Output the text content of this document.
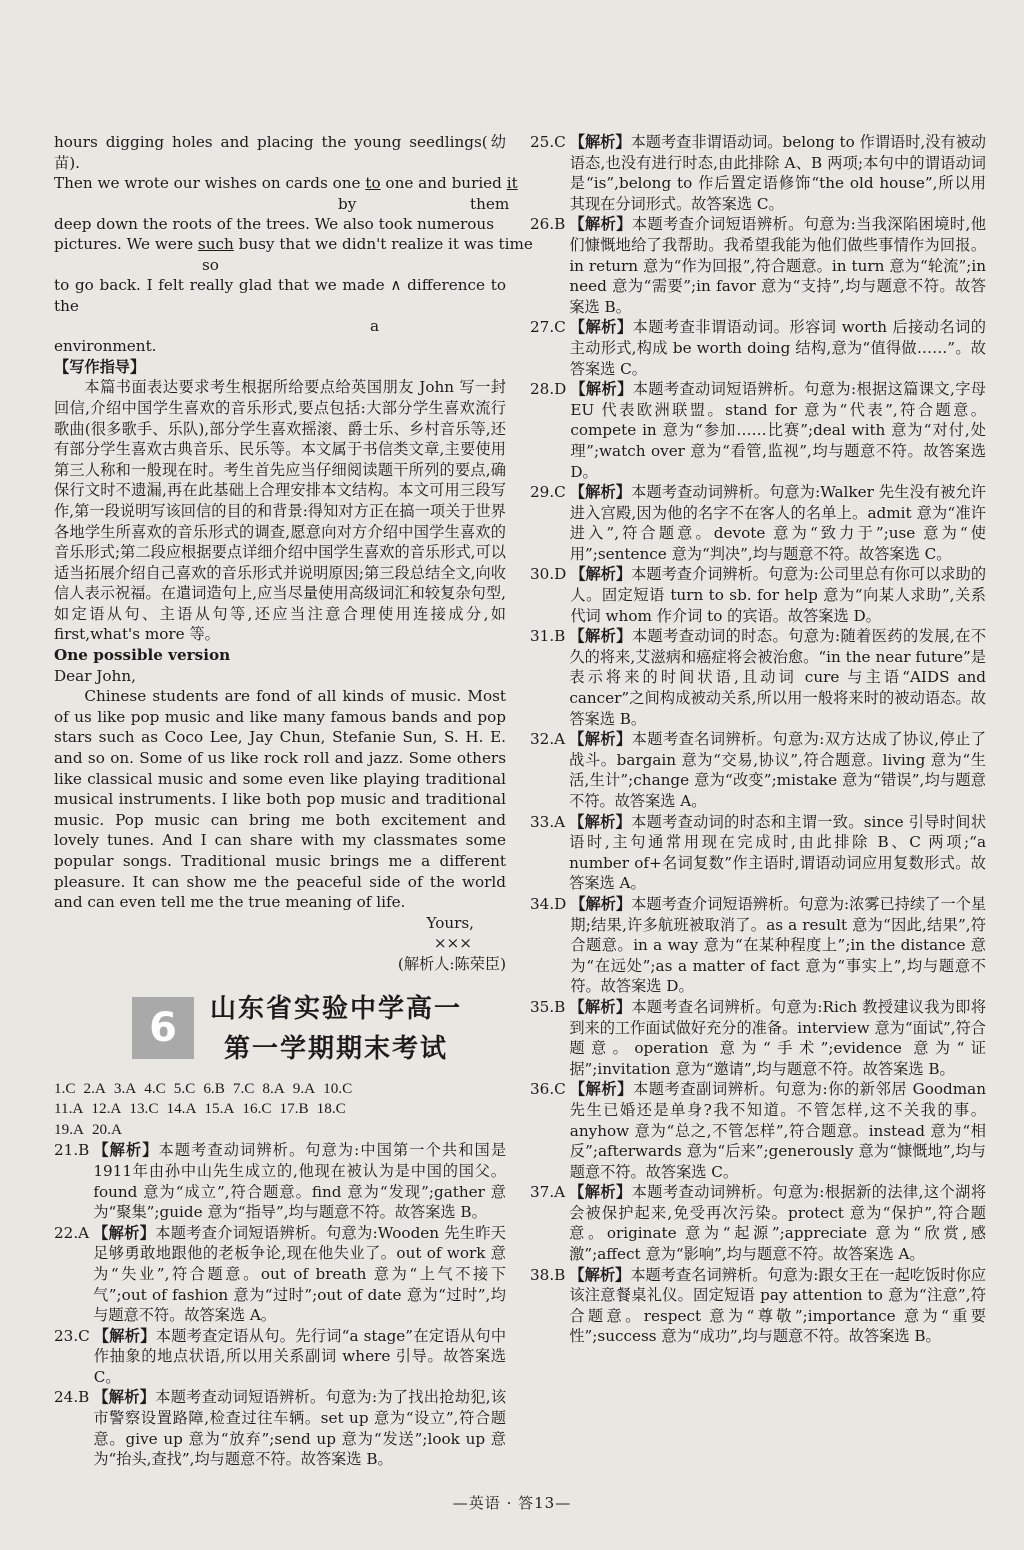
hours digging holes and placing the young seedlings(幼苗).

Then we wrote our wishes on cards one to one and buried it

by	them

deep down the roots of the trees. We also took numerous

pictures. We were such busy that we didn't realize it was time

so

to go back. I felt really glad that we made ∧ difference to the

a

environment.

【写作指导】

本篇书面表达要求考生根据所给要点给英国朋友 John 写一封回信,介绍中国学生喜欢的音乐形式,要点包括:大部分学生喜欢流行歌曲(很多歌手、乐队),部分学生喜欢摇滚、爵士乐、乡村音乐等,还有部分学生喜欢古典音乐、民乐等。本文属于书信类文章,主要使用第三人称和一般现在时。考生首先应当仔细阅读题干所列的要点,确保行文时不遗漏,再在此基础上合理安排本文结构。本文可用三段写作,第一段说明写该回信的目的和背景:得知对方正在搞一项关于世界各地学生所喜欢的音乐形式的调查,愿意向对方介绍中国学生喜欢的音乐形式;第二段应根据要点详细介绍中国学生喜欢的音乐形式,可以适当拓展介绍自己喜欢的音乐形式并说明原因;第三段总结全文,向收信人表示祝福。在遣词造句上,应当尽量使用高级词汇和较复杂句型,如定语从句、主语从句等,还应当注意合理使用连接成分,如 first,what's more 等。

One possible version

Dear John,

Chinese students are fond of all kinds of music. Most of us like pop music and like many famous bands and pop stars such as Coco Lee, Jay Chun, Stefanie Sun, S. H. E. and so on. Some of us like rock roll and jazz. Some others like classical music and some even like playing traditional musical instruments. I like both pop music and traditional music. Pop music can bring me both excitement and lovely tunes. And I can share with my classmates some popular songs. Traditional music brings me a different pleasure. It can show me the peaceful side of the world and can even tell me the true meaning of life.

Yours,

×××

(解析人:陈荣臣)

6	山东省实验中学高一
第一学期期末考试
1.C 2.A 3.A 4.C 5.C 6.B 7.C 8.A 9.A 10.C
11.A 12.A 13.C 14.A 15.A 16.C 17.B 18.C
19.A 20.A
21.B 【解析】本题考查动词辨析。句意为:中国第一个共和国是1911年由孙中山先生成立的,他现在被认为是中国的国父。found 意为“成立”,符合题意。find 意为“发现”;gather 意为“聚集”;guide 意为“指导”,均与题意不符。故答案选 B。
22.A 【解析】本题考查介词短语辨析。句意为:Wooden 先生昨天足够勇敢地跟他的老板争论,现在他失业了。out of work 意为“失业”,符合题意。out of breath 意为“上气不接下气”;out of fashion 意为“过时”;out of date 意为“过时”,均与题意不符。故答案选 A。
23.C 【解析】本题考查定语从句。先行词“a stage”在定语从句中作抽象的地点状语,所以用关系副词 where 引导。故答案选 C。
24.B 【解析】本题考查动词短语辨析。句意为:为了找出抢劫犯,该市警察设置路障,检查过往车辆。set up 意为“设立”,符合题意。give up 意为“放弃”;send up 意为“发送”;look up 意为“抬头,查找”,均与题意不符。故答案选 B。
25.C 【解析】本题考查非谓语动词。belong to 作谓语时,没有被动语态,也没有进行时态,由此排除 A、B 两项;本句中的谓语动词是“is”,belong to 作后置定语修饰“the old house”,所以用其现在分词形式。故答案选 C。
26.B 【解析】本题考查介词短语辨析。句意为:当我深陷困境时,他们慷慨地给了我帮助。我希望我能为他们做些事情作为回报。in return 意为“作为回报”,符合题意。in turn 意为“轮流”;in need 意为“需要”;in favor 意为“支持”,均与题意不符。故答案选 B。
27.C 【解析】本题考查非谓语动词。形容词 worth 后接动名词的主动形式,构成 be worth doing 结构,意为“值得做……”。故答案选 C。
28.D 【解析】本题考查动词短语辨析。句意为:根据这篇课文,字母 EU 代表欧洲联盟。stand for 意为“代表”,符合题意。compete in 意为“参加……比赛”;deal with 意为“对付,处理”;watch over 意为“看管,监视”,均与题意不符。故答案选 D。
29.C 【解析】本题考查动词辨析。句意为:Walker 先生没有被允许进入宫殿,因为他的名字不在客人的名单上。admit 意为“准许进入”,符合题意。devote 意为“致力于”;use 意为“使用”;sentence 意为“判决”,均与题意不符。故答案选 C。
30.D 【解析】本题考查介词辨析。句意为:公司里总有你可以求助的人。固定短语 turn to sb. for help 意为“向某人求助”,关系代词 whom 作介词 to 的宾语。故答案选 D。
31.B 【解析】本题考查动词的时态。句意为:随着医药的发展,在不久的将来,艾滋病和癌症将会被治愈。“in the near future”是表示将来的时间状语,且动词 cure 与主语“AIDS and cancer”之间构成被动关系,所以用一般将来时的被动语态。故答案选 B。
32.A 【解析】本题考查名词辨析。句意为:双方达成了协议,停止了战斗。bargain 意为“交易,协议”,符合题意。living 意为“生活,生计”;change 意为“改变”;mistake 意为“错误”,均与题意不符。故答案选 A。
33.A 【解析】本题考查动词的时态和主谓一致。since 引导时间状语时,主句通常用现在完成时,由此排除 B、C 两项;“a number of+名词复数”作主语时,谓语动词应用复数形式。故答案选 A。
34.D 【解析】本题考查介词短语辨析。句意为:浓雾已持续了一个星期;结果,许多航班被取消了。as a result 意为“因此,结果”,符合题意。in a way 意为“在某种程度上”;in the distance 意为“在远处”;as a matter of fact 意为“事实上”,均与题意不符。故答案选 D。
35.B 【解析】本题考查名词辨析。句意为:Rich 教授建议我为即将到来的工作面试做好充分的准备。interview 意为“面试”,符合题意。operation 意为“手术”;evidence 意为“证据”;invitation 意为“邀请”,均与题意不符。故答案选 B。
36.C 【解析】本题考查副词辨析。句意为:你的新邻居 Goodman 先生已婚还是单身?我不知道。不管怎样,这不关我的事。anyhow 意为“总之,不管怎样”,符合题意。instead 意为“相反”;afterwards 意为“后来”;generously 意为“慷慨地”,均与题意不符。故答案选 C。
37.A 【解析】本题考查动词辨析。句意为:根据新的法律,这个湖将会被保护起来,免受再次污染。protect 意为“保护”,符合题意。originate 意为“起源”;appreciate 意为“欣赏,感激”;affect 意为“影响”,均与题意不符。故答案选 A。
38.B 【解析】本题考查名词辨析。句意为:跟女王在一起吃饭时你应该注意餐桌礼仪。固定短语 pay attention to 意为“注意”,符合题意。respect 意为“尊敬”;importance 意为“重要性”;success 意为“成功”,均与题意不符。故答案选 B。
—英语 · 答13—
